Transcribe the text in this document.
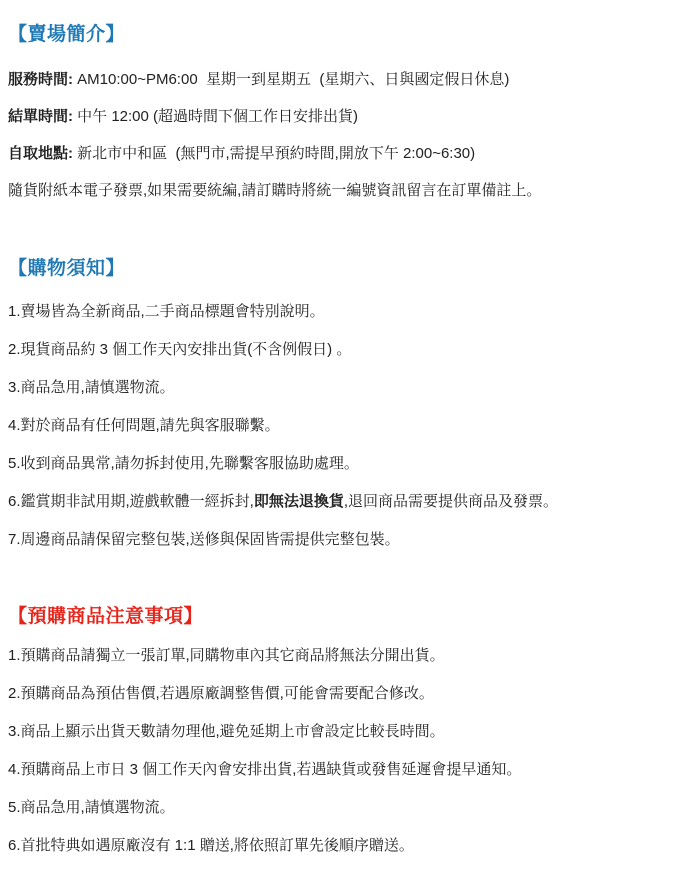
【賣場簡介】

服務時間: AM10:00~PM6:00  星期一到星期五  (星期六、日與國定假日休息)

結單時間: 中午 12:00 (超過時間下個工作日安排出貨)

自取地點: 新北市中和區  (無門市,需提早預約時間,開放下午 2:00~6:30)

隨貨附紙本電子發票,如果需要統編,請訂購時將統一編號資訊留言在訂單備註上。

【購物須知】

1.賣場皆為全新商品,二手商品標題會特別說明。

2.現貨商品約 3 個工作天內安排出貨(不含例假日) 。

3.商品急用,請慎選物流。

4.對於商品有任何問題,請先與客服聯繫。

5.收到商品異常,請勿拆封使用,先聯繫客服協助處理。

6.鑑賞期非試用期,遊戲軟體一經拆封,即無法退換貨,退回商品需要提供商品及發票。

7.周邊商品請保留完整包裝,送修與保固皆需提供完整包裝。

【預購商品注意事項】

1.預購商品請獨立一張訂單,同購物車內其它商品將無法分開出貨。

2.預購商品為預估售價,若遇原廠調整售價,可能會需要配合修改。

3.商品上顯示出貨天數請勿理他,避免延期上市會設定比較長時間。

4.預購商品上市日 3 個工作天內會安排出貨,若遇缺貨或發售延遲會提早通知。

5.商品急用,請慎選物流。

6.首批特典如遇原廠沒有 1:1 贈送,將依照訂單先後順序贈送。
